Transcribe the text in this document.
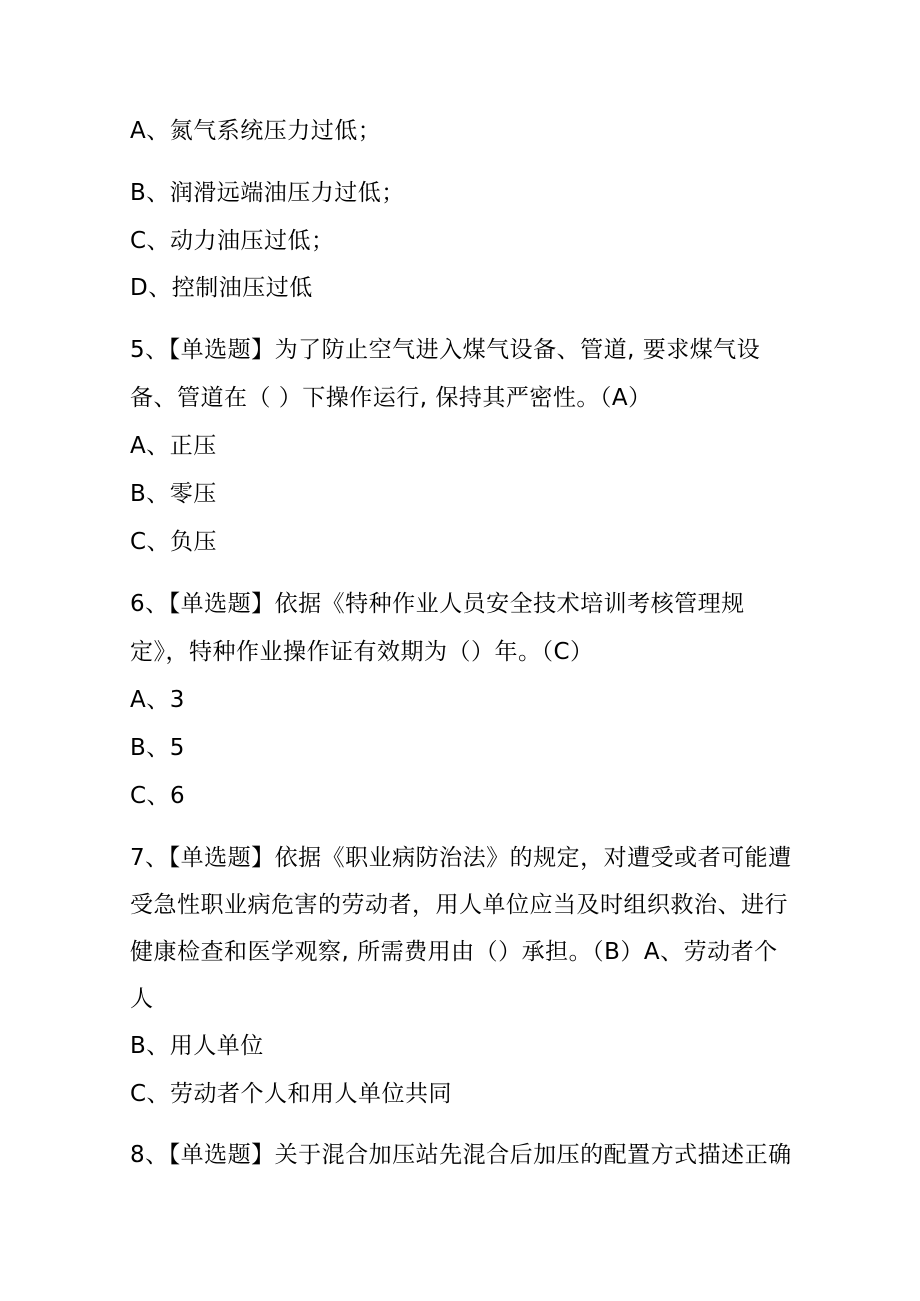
A、氮气系统压力过低；
B、润滑远端油压力过低；
C、动力油压过低；
D、控制油压过低
5、【单选题】为了防止空气进入煤气设备、管道, 要求煤气设
备、管道在（ ）下操作运行, 保持其严密性。（A）
A、正压
B、零压
C、负压
6、【单选题】依据《特种作业人员安全技术培训考核管理规
定》，特种作业操作证有效期为（）年。（C）
A、3
B、5
C、6
7、【单选题】依据《职业病防治法》的规定，对遭受或者可能遭
受急性职业病危害的劳动者，用人单位应当及时组织救治、进行
健康检查和医学观察, 所需费用由（）承担。（B）A、劳动者个
人
B、用人单位
C、劳动者个人和用人单位共同
8、【单选题】关于混合加压站先混合后加压的配置方式描述正确
